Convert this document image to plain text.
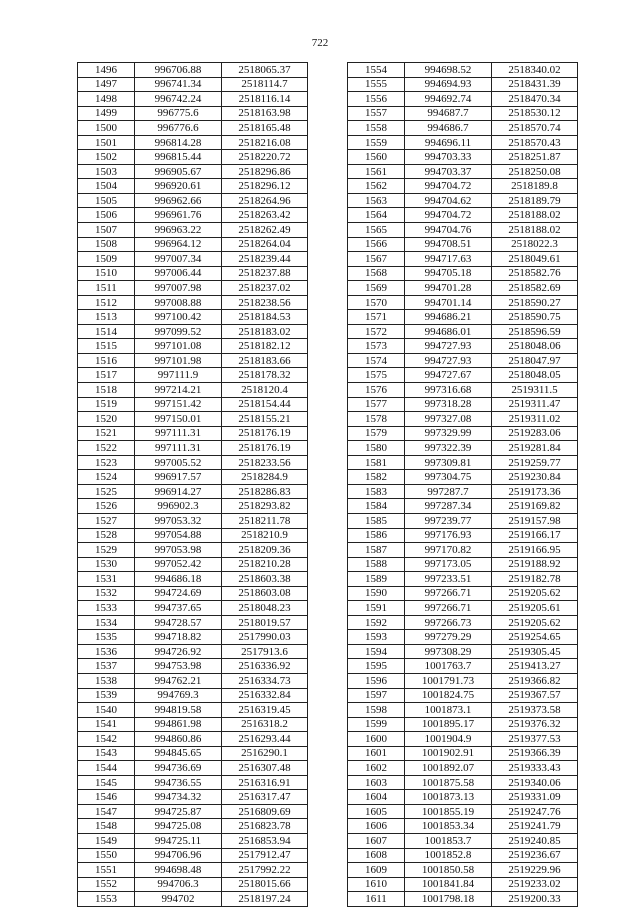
722
1496	996706.88	2518065.37
1497	996741.34	2518114.7
1498	996742.24	2518116.14
1499	996775.6	2518163.98
1500	996776.6	2518165.48
1501	996814.28	2518216.08
1502	996815.44	2518220.72
1503	996905.67	2518296.86
1504	996920.61	2518296.12
1505	996962.66	2518264.96
1506	996961.76	2518263.42
1507	996963.22	2518262.49
1508	996964.12	2518264.04
1509	997007.34	2518239.44
1510	997006.44	2518237.88
1511	997007.98	2518237.02
1512	997008.88	2518238.56
1513	997100.42	2518184.53
1514	997099.52	2518183.02
1515	997101.08	2518182.12
1516	997101.98	2518183.66
1517	997111.9	2518178.32
1518	997214.21	2518120.4
1519	997151.42	2518154.44
1520	997150.01	2518155.21
1521	997111.31	2518176.19
1522	997111.31	2518176.19
1523	997005.52	2518233.56
1524	996917.57	2518284.9
1525	996914.27	2518286.83
1526	996902.3	2518293.82
1527	997053.32	2518211.78
1528	997054.88	2518210.9
1529	997053.98	2518209.36
1530	997052.42	2518210.28
1531	994686.18	2518603.38
1532	994724.69	2518603.08
1533	994737.65	2518048.23
1534	994728.57	2518019.57
1535	994718.82	2517990.03
1536	994726.92	2517913.6
1537	994753.98	2516336.92
1538	994762.21	2516334.73
1539	994769.3	2516332.84
1540	994819.58	2516319.45
1541	994861.98	2516318.2
1542	994860.86	2516293.44
1543	994845.65	2516290.1
1544	994736.69	2516307.48
1545	994736.55	2516316.91
1546	994734.32	2516317.47
1547	994725.87	2516809.69
1548	994725.08	2516823.78
1549	994725.11	2516853.94
1550	994706.96	2517912.47
1551	994698.48	2517992.22
1552	994706.3	2518015.66
1553	994702	2518197.24
1554	994698.52	2518340.02
1555	994694.93	2518431.39
1556	994692.74	2518470.34
1557	994687.7	2518530.12
1558	994686.7	2518570.74
1559	994696.11	2518570.43
1560	994703.33	2518251.87
1561	994703.37	2518250.08
1562	994704.72	2518189.8
1563	994704.62	2518189.79
1564	994704.72	2518188.02
1565	994704.76	2518188.02
1566	994708.51	2518022.3
1567	994717.63	2518049.61
1568	994705.18	2518582.76
1569	994701.28	2518582.69
1570	994701.14	2518590.27
1571	994686.21	2518590.75
1572	994686.01	2518596.59
1573	994727.93	2518048.06
1574	994727.93	2518047.97
1575	994727.67	2518048.05
1576	997316.68	2519311.5
1577	997318.28	2519311.47
1578	997327.08	2519311.02
1579	997329.99	2519283.06
1580	997322.39	2519281.84
1581	997309.81	2519259.77
1582	997304.75	2519230.84
1583	997287.7	2519173.36
1584	997287.34	2519169.82
1585	997239.77	2519157.98
1586	997176.93	2519166.17
1587	997170.82	2519166.95
1588	997173.05	2519188.92
1589	997233.51	2519182.78
1590	997266.71	2519205.62
1591	997266.71	2519205.61
1592	997266.73	2519205.62
1593	997279.29	2519254.65
1594	997308.29	2519305.45
1595	1001763.7	2519413.27
1596	1001791.73	2519366.82
1597	1001824.75	2519367.57
1598	1001873.1	2519373.58
1599	1001895.17	2519376.32
1600	1001904.9	2519377.53
1601	1001902.91	2519366.39
1602	1001892.07	2519333.43
1603	1001875.58	2519340.06
1604	1001873.13	2519331.09
1605	1001855.19	2519247.76
1606	1001853.34	2519241.79
1607	1001853.7	2519240.85
1608	1001852.8	2519236.67
1609	1001850.58	2519229.96
1610	1001841.84	2519233.02
1611	1001798.18	2519200.33
